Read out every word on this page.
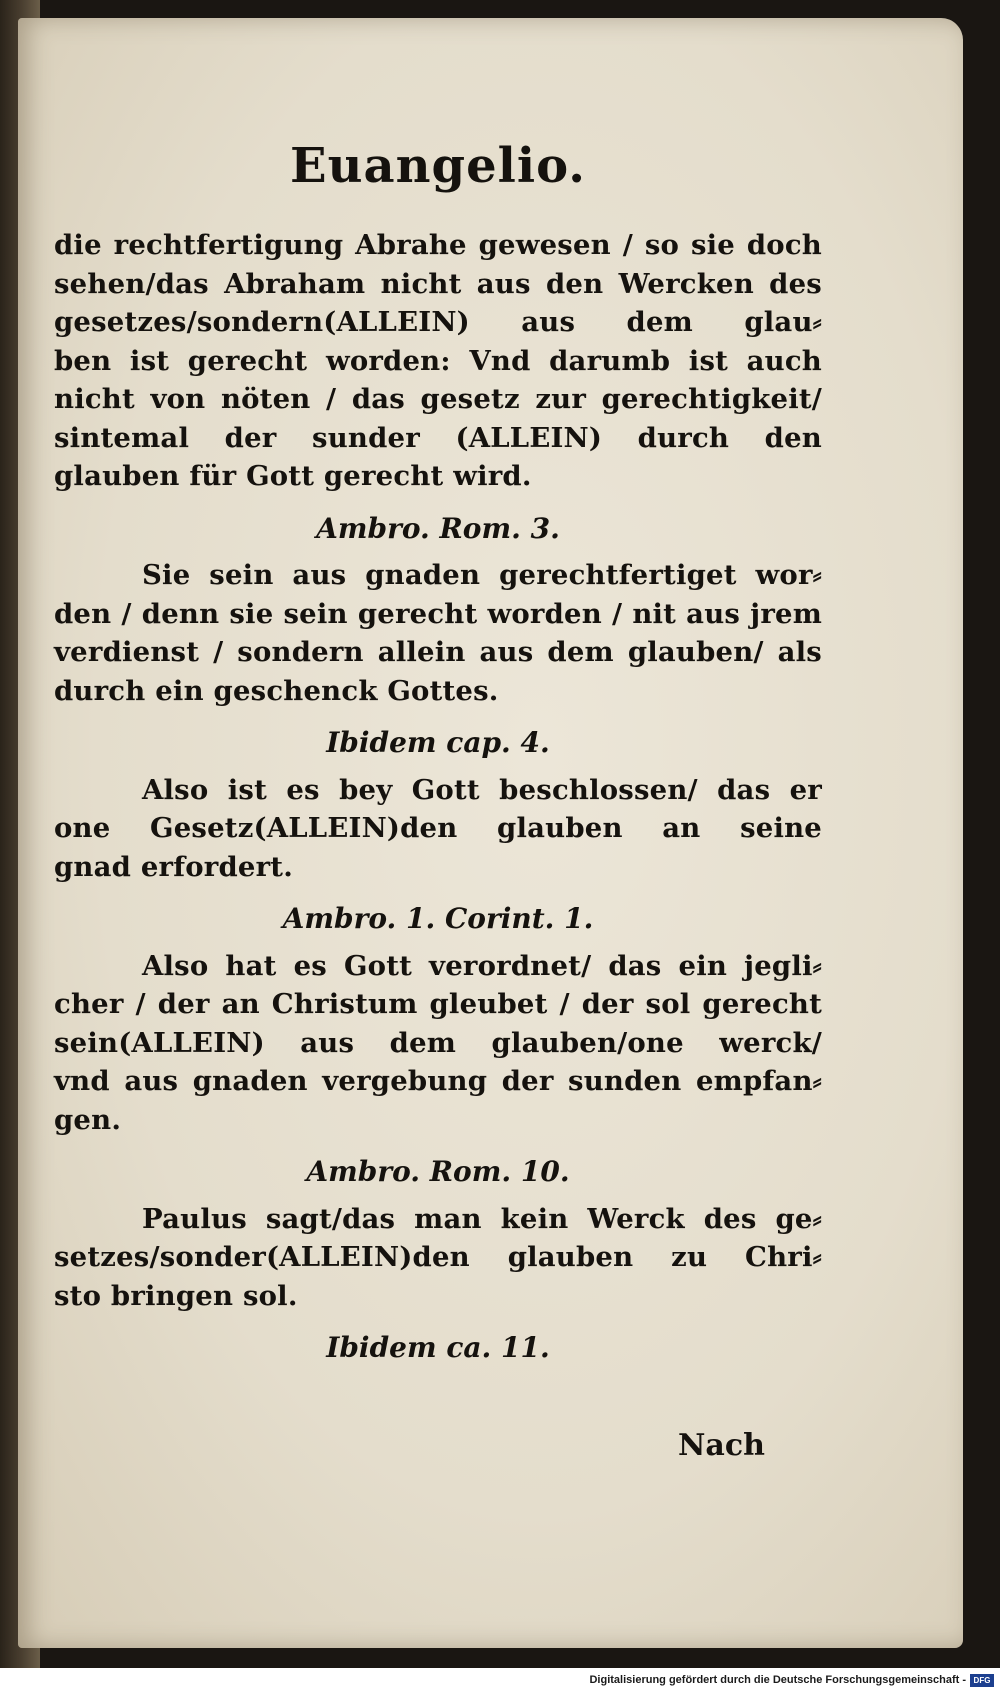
Euangelio.
die rechtfertigung Abrahe gewesen / so sie doch
sehen/das Abraham nicht aus den Wercken des
gesetzes/sondern(ALLEIN) aus dem glau⸗
ben ist gerecht worden: Vnd darumb ist auch
nicht von nöten / das gesetz zur gerechtigkeit/
sintemal der sunder (ALLEIN) durch den
glauben für Gott gerecht wird.
Ambro. Rom. 3.
Sie sein aus gnaden gerechtfertiget wor⸗
den / denn sie sein gerecht worden / nit aus jrem
verdienst / sondern allein aus dem glauben/ als
durch ein geschenck Gottes.
Ibidem cap. 4.
Also ist es bey Gott beschlossen/ das er
one Gesetz(ALLEIN)den glauben an seine
gnad erfordert.
Ambro. 1. Corint. 1.
Also hat es Gott verordnet/ das ein jegli⸗
cher / der an Christum gleubet / der sol gerecht
sein(ALLEIN) aus dem glauben/one werck/
vnd aus gnaden vergebung der sunden empfan⸗
gen.
Ambro. Rom. 10.
Paulus sagt/das man kein Werck des ge⸗
setzes/sonder(ALLEIN)den glauben zu Chri⸗
sto bringen sol.
Ibidem ca. 11.
Nach
Digitalisierung gefördert durch die Deutsche Forschungsgemeinschaft - DFG
